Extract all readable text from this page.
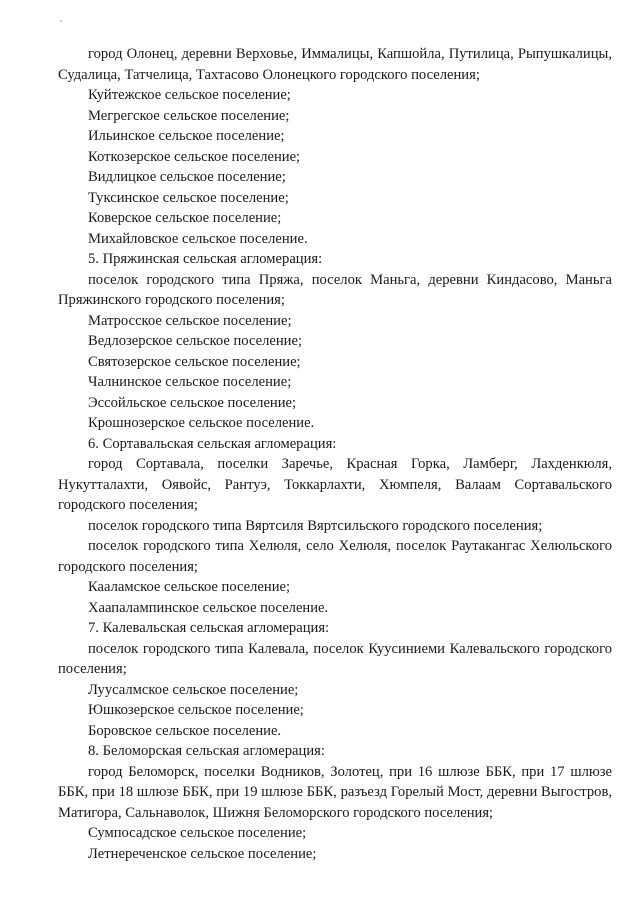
город Олонец, деревни Верховье, Иммалицы, Капшойла, Путилица, Рыпушкалицы, Судалица, Татчелица, Тахтасово Олонецкого городского поселения;

Куйтежское сельское поселение;

Мегрегское сельское поселение;

Ильинское сельское поселение;

Коткозерское сельское поселение;

Видлицкое сельское поселение;

Туксинское сельское поселение;

Коверское сельское поселение;

Михайловское сельское поселение.

5. Пряжинская сельская агломерация:

поселок городского типа Пряжа, поселок Маньга, деревни Киндасово, Маньга Пряжинского городского поселения;

Матросское сельское поселение;

Ведлозерское сельское поселение;

Святозерское сельское поселение;

Чалнинское сельское поселение;

Эссойльское сельское поселение;

Крошнозерское сельское поселение.

6. Сортавальская сельская агломерация:

город Сортавала, поселки Заречье, Красная Горка, Ламберг, Лахденкюля, Нукутталахти, Оявойс, Рантуэ, Токкарлахти, Хюмпеля, Валаам Сортавальского городского поселения;

поселок городского типа Вяртсиля Вяртсильского городского поселения;

поселок городского типа Хелюля, село Хелюля, поселок Раутакангас Хелюльского городского поселения;

Кааламское сельское поселение;

Хаапалампинское сельское поселение.

7. Калевальская сельская агломерация:

поселок городского типа Калевала, поселок Куусиниеми Калевальского городского поселения;

Луусалмское сельское поселение;

Юшкозерское сельское поселение;

Боровское сельское поселение.

8. Беломорская сельская агломерация:

город Беломорск, поселки Водников, Золотец, при 16 шлюзе ББК, при 17 шлюзе ББК, при 18 шлюзе ББК, при 19 шлюзе ББК, разъезд Горелый Мост, деревни Выгостров, Матигора, Сальнаволок, Шижня Беломорского городского поселения;

Сумпосадское сельское поселение;

Летнереченское сельское поселение;
